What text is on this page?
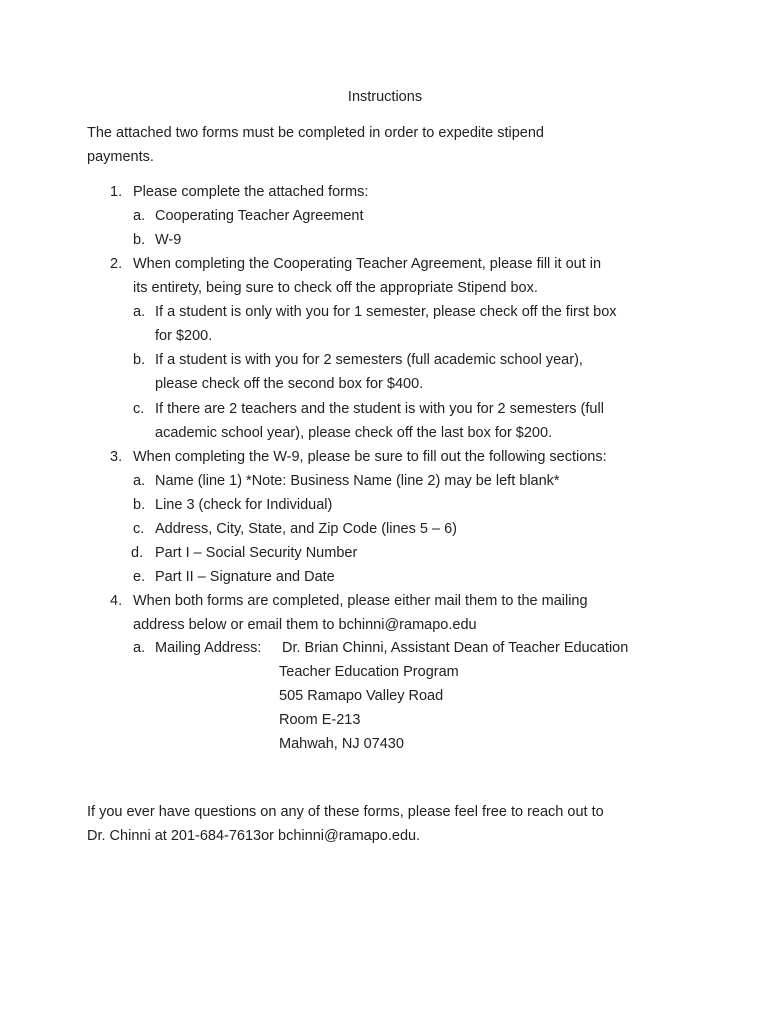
Instructions
The attached two forms must be completed in order to expedite stipend
payments.
1. Please complete the attached forms:
a. Cooperating Teacher Agreement
b. W-9
2. When completing the Cooperating Teacher Agreement, please fill it out in
its entirety, being sure to check off the appropriate Stipend box.
a. If a student is only with you for 1 semester, please check off the first box
for $200.
b. If a student is with you for 2 semesters (full academic school year),
please check off the second box for $400.
c. If there are 2 teachers and the student is with you for 2 semesters (full
academic school year), please check off the last box for $200.
3. When completing the W-9, please be sure to fill out the following sections:
a. Name (line 1) *Note: Business Name (line 2) may be left blank*
b. Line 3 (check for Individual)
c. Address, City, State, and Zip Code (lines 5 – 6)
d. Part I – Social Security Number
e. Part II – Signature and Date
4. When both forms are completed, please either mail them to the mailing
address below or email them to bchinni@ramapo.edu
a. Mailing Address: Dr. Brian Chinni, Assistant Dean of Teacher Education
Teacher Education Program
505 Ramapo Valley Road
Room E-213
Mahwah, NJ 07430
If you ever have questions on any of these forms, please feel free to reach out to
Dr. Chinni at 201-684-7613or bchinni@ramapo.edu.
